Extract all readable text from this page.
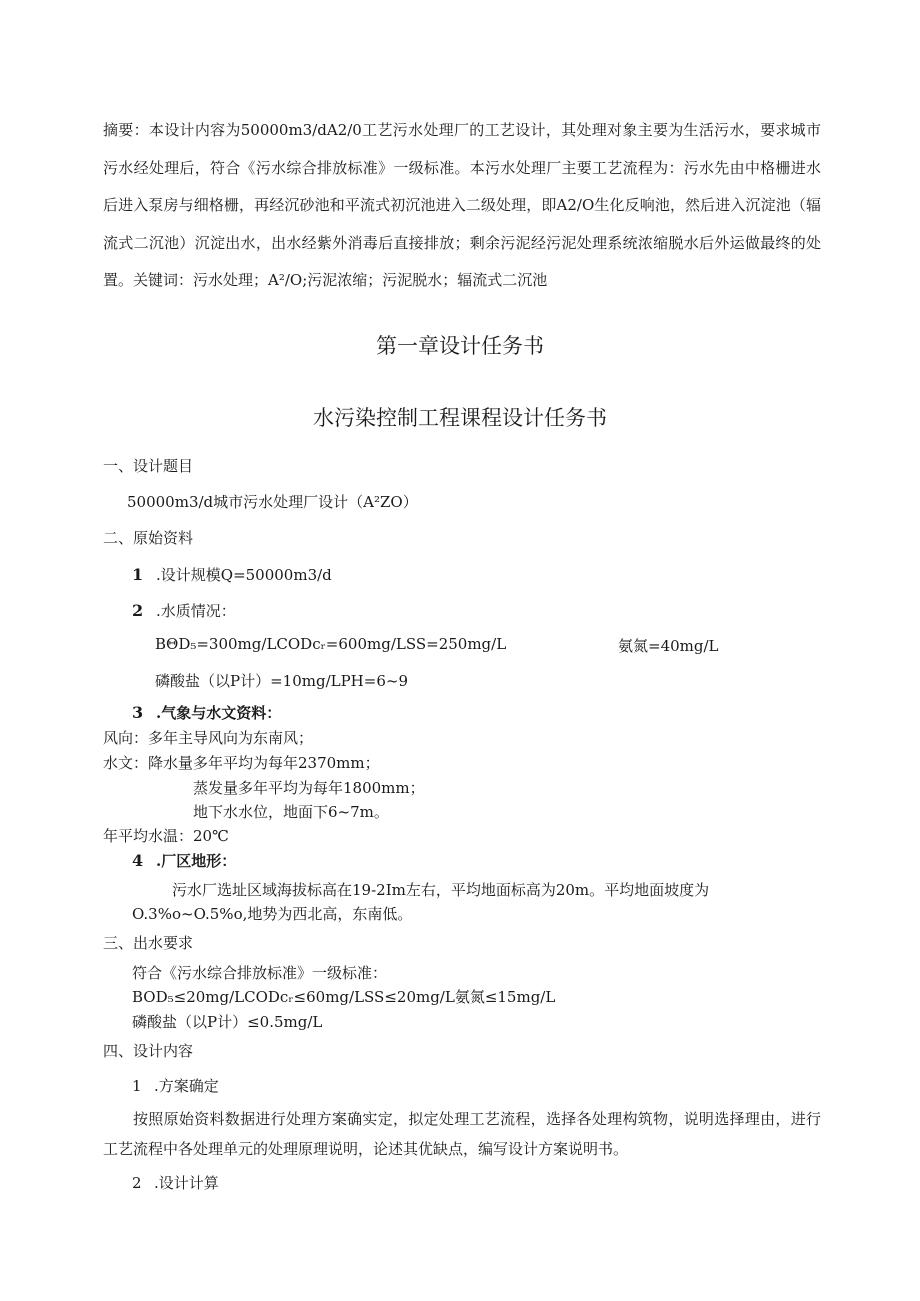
摘要：本设计内容为50000m3/dA2/0工艺污水处理厂的工艺设计，其处理对象主要为生活污水，要求城市污水经处理后，符合《污水综合排放标准》一级标准。本污水处理厂主要工艺流程为：污水先由中格栅进水后进入泵房与细格栅，再经沉砂池和平流式初沉池进入二级处理，即A2/O生化反响池，然后进入沉淀池（辐流式二沉池）沉淀出水，出水经紫外消毒后直接排放；剩余污泥经污泥处理系统浓缩脱水后外运做最终的处置。关键词：污水处理；A²/O;污泥浓缩；污泥脱水；辐流式二沉池
第一章设计任务书
水污染控制工程课程设计任务书
一、设计题目
50000m3/d城市污水处理厂设计（A²ZO）
二、原始资料
1 .设计规模Q=50000m3/d
2 .水质情况：
BΘD₅=300mg/LCODcᵣ=600mg/LSS=250mg/L	氨氮=40mg/L
磷酸盐（以P计）=10mg/LPH=6~9
3 .气象与水文资料：
风向：多年主导风向为东南风；
水文：降水量多年平均为每年2370mm；
蒸发量多年平均为每年1800mm；
地下水水位，地面下6~7m。
年平均水温：20℃
4 .厂区地形：
污水厂选址区域海拔标高在19-2Im左右，平均地面标高为20m。平均地面坡度为
O.3%o~O.5%o,地势为西北高，东南低。
三、出水要求
符合《污水综合排放标准》一级标准：
BOD₅≤20mg/LCODcᵣ≤60mg/LSS≤20mg/L氨氮≤15mg/L
磷酸盐（以P计）≤0.5mg/L
四、设计内容
1 .方案确定
按照原始资料数据进行处理方案确实定，拟定处理工艺流程，选择各处理构筑物，说明选择理由，进行工艺流程中各处理单元的处理原理说明，论述其优缺点，编写设计方案说明书。
2 .设计计算
